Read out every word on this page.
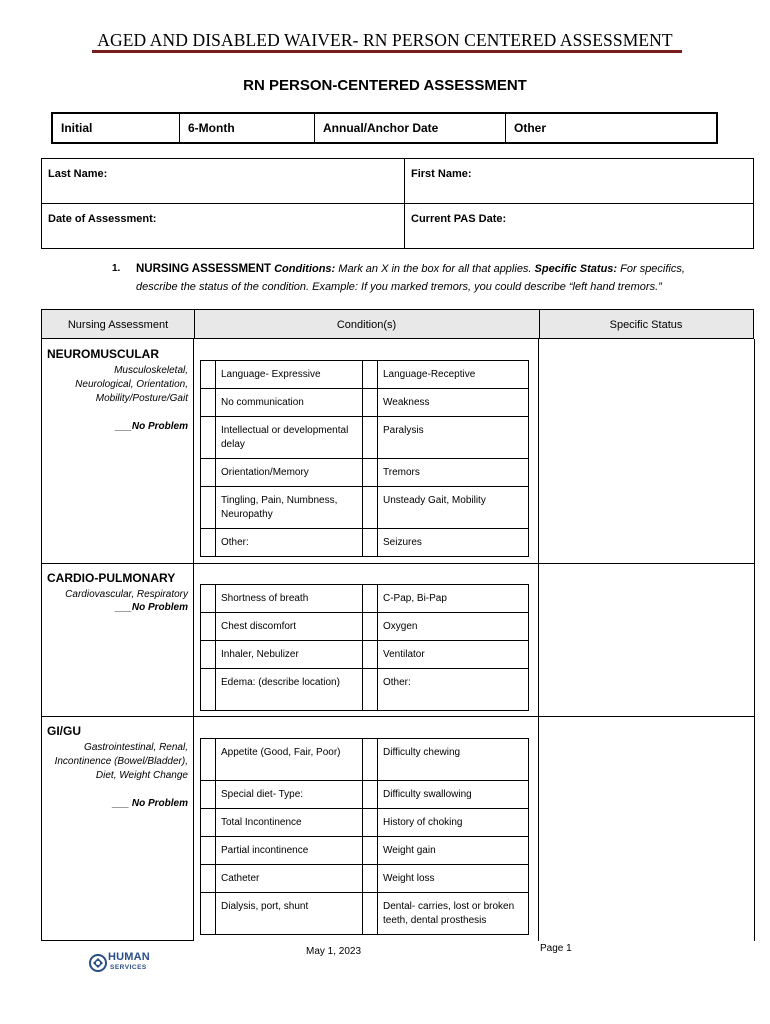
AGED AND DISABLED WAIVER- RN PERSON CENTERED ASSESSMENT
RN PERSON-CENTERED ASSESSMENT
Initial	6-Month	Annual/Anchor Date	Other
Last Name:	First Name:
Date of Assessment:	Current PAS Date:
1. NURSING ASSESSMENT Conditions: Mark an X in the box for all that applies. Specific Status: For specifics, describe the status of the condition. Example: If you marked tremors, you could describe “left hand tremors.”
Nursing Assessment	Condition(s)	Specific Status
NEUROMUSCULAR
Musculoskeletal, Neurological, Orientation, Mobility/Posture/Gait
___No Problem
	Language- Expressive		Language-Receptive
	No communication		Weakness
	Intellectual or developmental delay		Paralysis
	Orientation/Memory		Tremors
	Tingling, Pain, Numbness, Neuropathy		Unsteady Gait, Mobility
	Other:		Seizures
CARDIO-PULMONARY
Cardiovascular, Respiratory
___No Problem
	Shortness of breath		C-Pap, Bi-Pap
	Chest discomfort		Oxygen
	Inhaler, Nebulizer		Ventilator
	Edema: (describe location)		Other:
GI/GU
Gastrointestinal, Renal, Incontinence (Bowel/Bladder), Diet, Weight Change
___ No Problem
	Appetite (Good, Fair, Poor)		Difficulty chewing
	Special diet- Type:		Difficulty swallowing
	Total Incontinence		History of choking
	Partial incontinence		Weight gain
	Catheter		Weight loss
	Dialysis, port, shunt		Dental- carries, lost or broken teeth, dental prosthesis
HUMAN
SERVICES
May 1, 2023	Page 1
